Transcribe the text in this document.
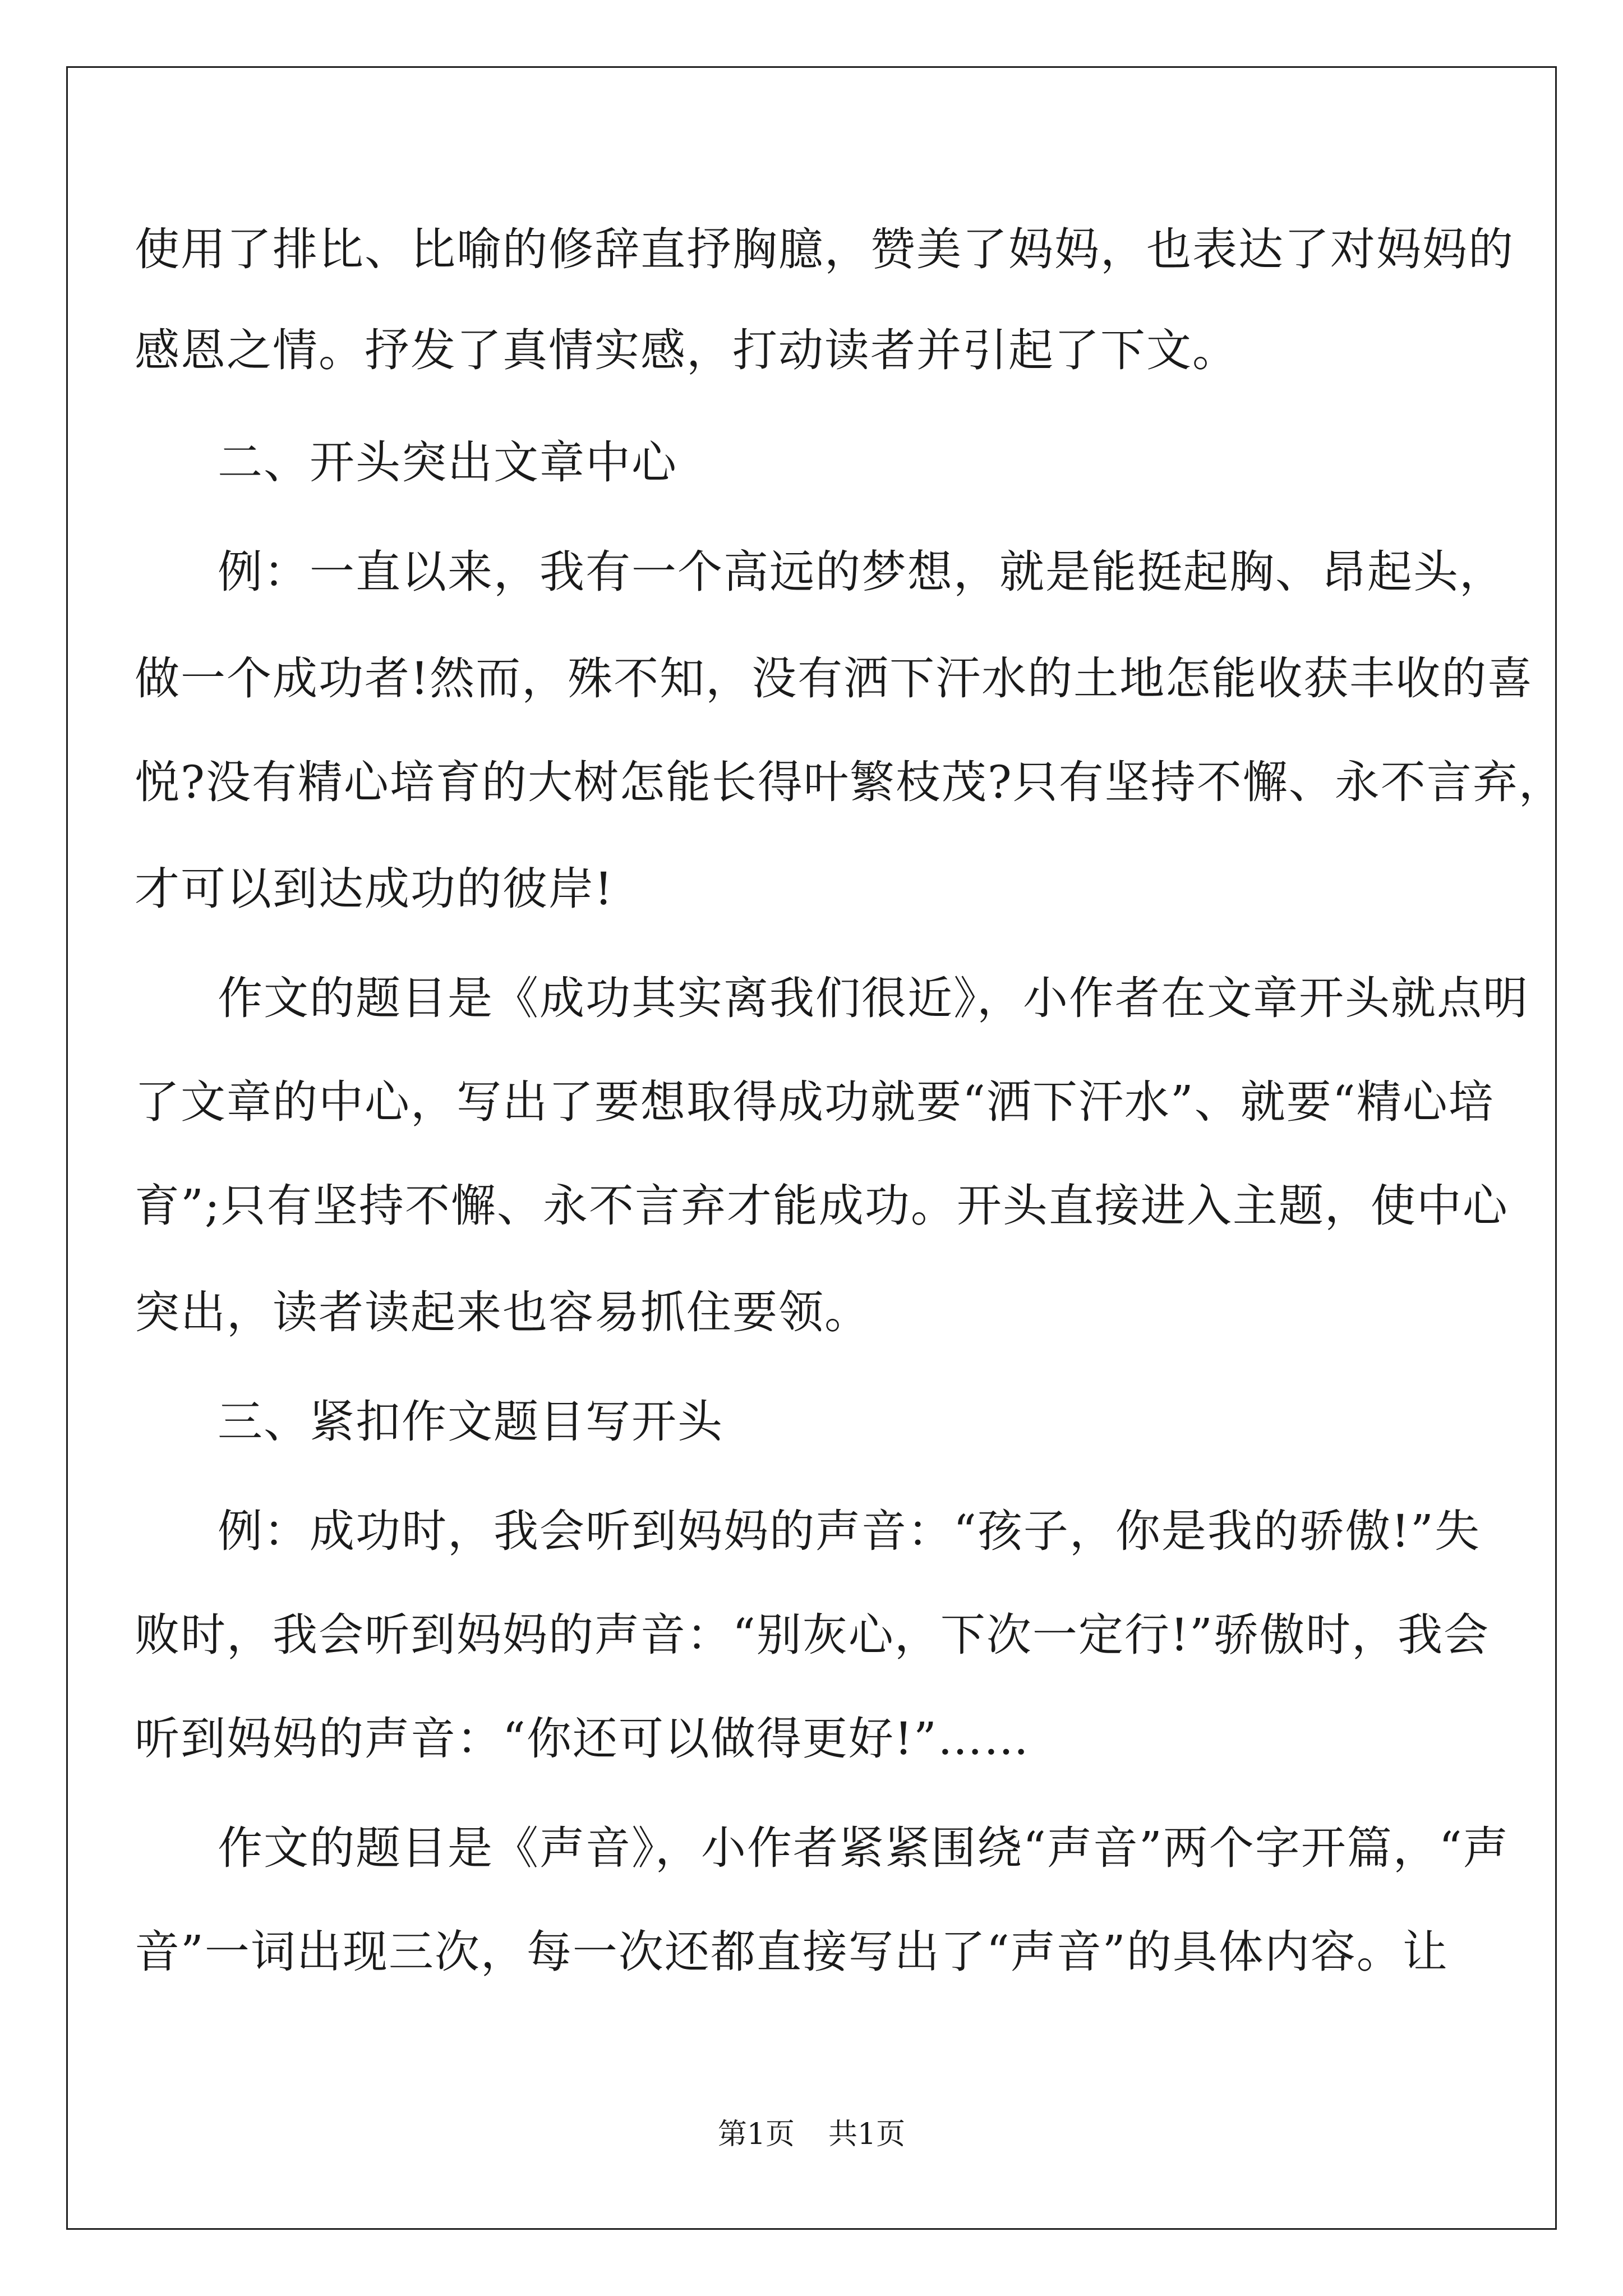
使用了排比、比喻的修辞直抒胸臆，赞美了妈妈，也表达了对妈妈的
感恩之情。抒发了真情实感，打动读者并引起了下文。
二、开头突出文章中心
例：一直以来，我有一个高远的梦想，就是能挺起胸、昂起头，
做一个成功者!然而，殊不知，没有洒下汗水的土地怎能收获丰收的喜
悦?没有精心培育的大树怎能长得叶繁枝茂?只有坚持不懈、永不言弃，
才可以到达成功的彼岸!
作文的题目是《成功其实离我们很近》，小作者在文章开头就点明
了文章的中心，写出了要想取得成功就要“洒下汗水”、就要“精心培
育”;只有坚持不懈、永不言弃才能成功。开头直接进入主题，使中心
突出，读者读起来也容易抓住要领。
三、紧扣作文题目写开头
例：成功时，我会听到妈妈的声音：“孩子，你是我的骄傲!”失
败时，我会听到妈妈的声音：“别灰心，下次一定行!”骄傲时，我会
听到妈妈的声音：“你还可以做得更好!”……
作文的题目是《声音》，小作者紧紧围绕“声音”两个字开篇，“声
音”一词出现三次，每一次还都直接写出了“声音”的具体内容。让
第1页 共1页
